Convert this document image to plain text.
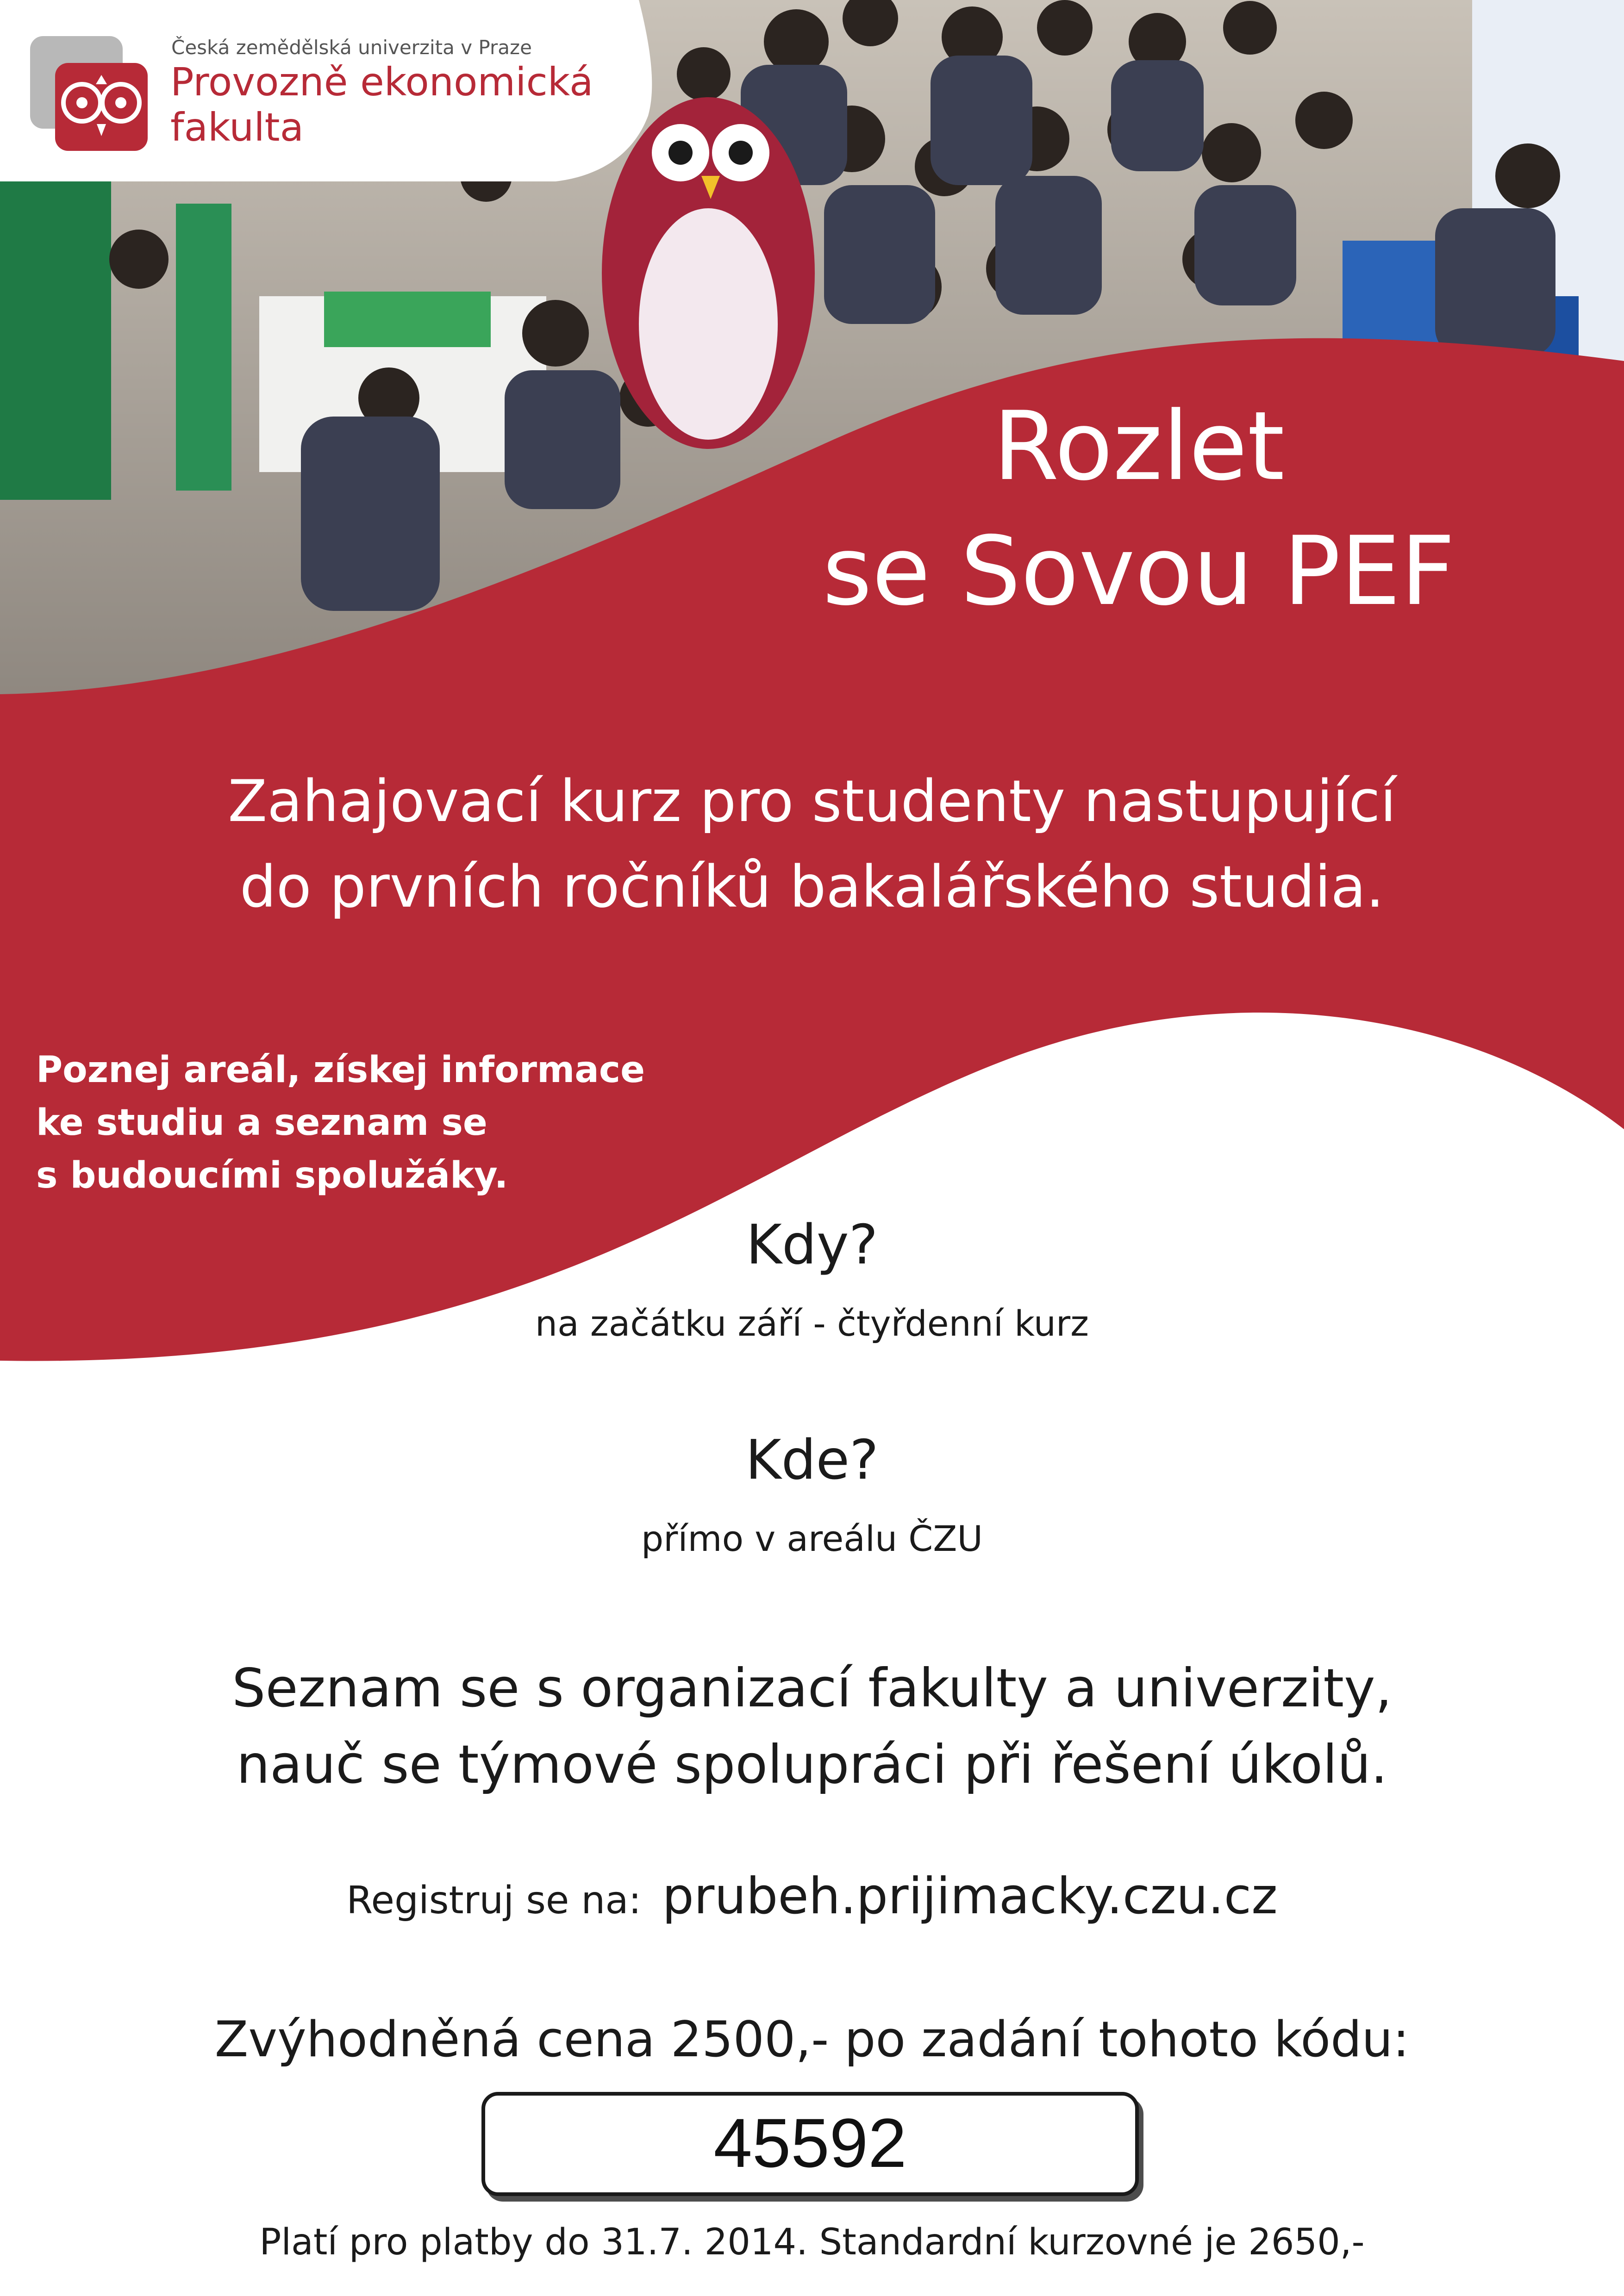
Česká zemědělská univerzita v Praze
Provozně ekonomická
fakulta
Rozlet
se Sovou PEF
Zahajovací kurz pro studenty nastupující
do prvních ročníků bakalářského studia.
Poznej areál, získej informace
ke studiu a seznam se
s budoucími spolužáky.
Kdy?
na začátku září - čtyřdenní kurz
Kde?
přímo v areálu ČZU
Seznam se s organizací fakulty a univerzity,
nauč se týmové spolupráci při řešení úkolů.
Registruj se na: prubeh.prijimacky.czu.cz
Zvýhodněná cena 2500,- po zadání tohoto kódu:
45592
Platí pro platby do 31.7. 2014. Standardní kurzovné je 2650,-
